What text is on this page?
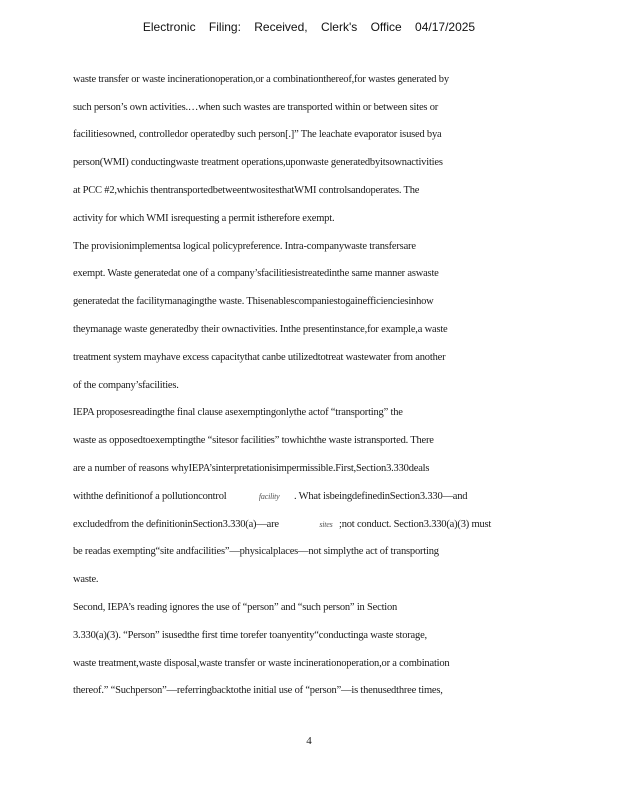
Electronic Filing: Received, Clerk's Office 04/17/2025
waste transfer or waste incinerationoperation,or a combinationthereof,for wastes generated by
such person’s own activities.…when such wastes are transported within or between sites or
facilitiesowned, controlledor operatedby such person[.]” The leachate evaporator isused bya
person(WMI) conductingwaste treatment operations,uponwaste generatedbyitsownactivities
at PCC #2,whichis thentransportedbetweentwositesthatWMI controlsandoperates. The
activity for which WMI isrequesting a permit istherefore exempt.
The provisionimplementsa logical policypreference. Intra-companywaste transfersare
exempt. Waste generatedat one of a company’sfacilitiesistreatedinthe same manner aswaste
generatedat the facilitymanagingthe waste. Thisenablescompaniestogainefficienciesinhow
theymanage waste generatedby their ownactivities. Inthe presentinstance,for example,a waste
treatment system mayhave excess capacitythat canbe utilizedtotreat wastewater from another
of the company’sfacilities.
IEPA proposesreadingthe final clause asexemptingonlythe actof “transporting” the
waste as opposedtoexemptingthe “sitesor facilities” towhichthe waste istransported. There
are a number of reasons whyIEPA’sinterpretationisimpermissible.First,Section3.330deals
withthe definitionof a pollutioncontrol	facility . What isbeingdefinedinSection3.330—and
excludedfrom the definitioninSection3.330(a)—are	sites ;not conduct. Section3.330(a)(3) must
be readas exempting“site andfacilities”—physicalplaces—not simplythe act of transporting
waste.
Second, IEPA’s reading ignores the use of “person” and “such person” in Section
3.330(a)(3). “Person” isusedthe first time torefer toanyentity“conductinga waste storage,
waste treatment,waste disposal,waste transfer or waste incinerationoperation,or a combination
thereof.” “Suchperson”—referringbacktothe initial use of “person”—is thenusedthree times,
4
